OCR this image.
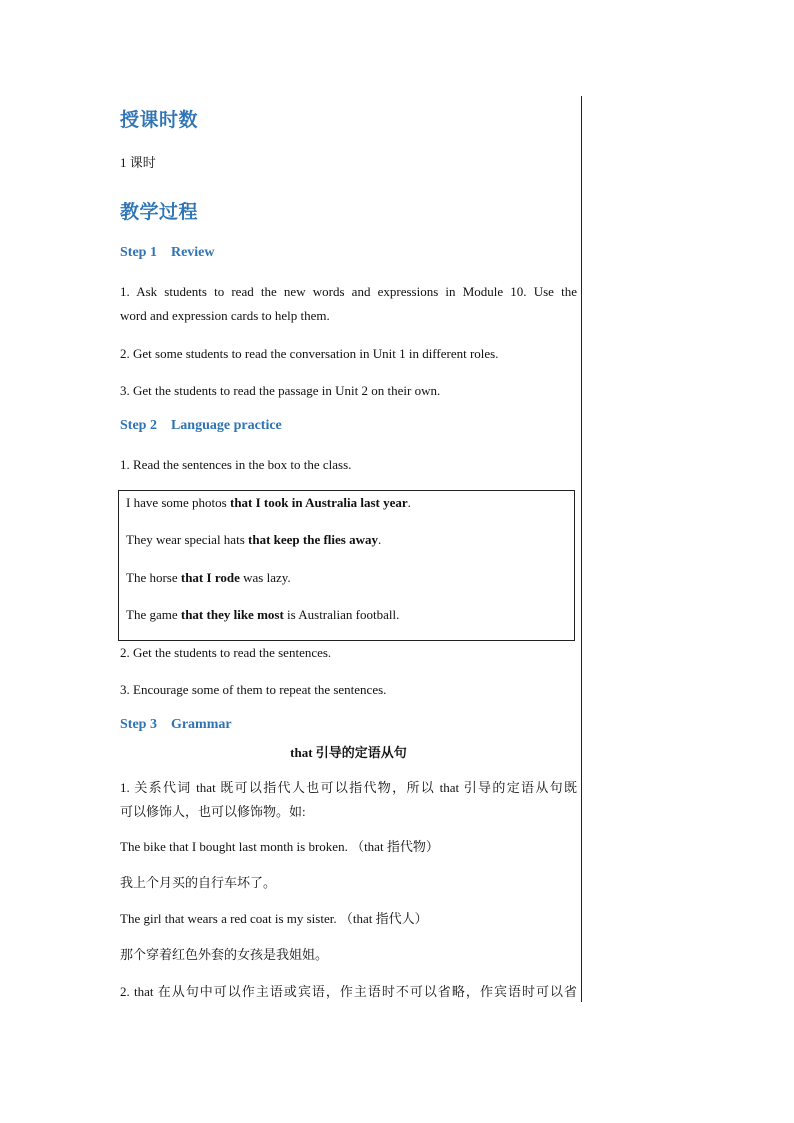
授课时数
1 课时
教学过程
Step 1 Review
1. Ask students to read the new words and expressions in Module 10. Use the
word and expression cards to help them.
2. Get some students to read the conversation in Unit 1 in different roles.
3. Get the students to read the passage in Unit 2 on their own.
Step 2 Language practice
1. Read the sentences in the box to the class.
I have some photos that I took in Australia last year.
They wear special hats that keep the flies away.
The horse that I rode was lazy.
The game that they like most is Australian football.
2. Get the students to read the sentences.
3. Encourage some of them to repeat the sentences.
Step 3 Grammar
that 引导的定语从句
1. 关系代词 that 既可以指代人也可以指代物，所以 that 引导的定语从句既
可以修饰人，也可以修饰物。如:
The bike that I bought last month is broken. （that 指代物）
我上个月买的自行车坏了。
The girl that wears a red coat is my sister. （that 指代人）
那个穿着红色外套的女孩是我姐姐。
2. that 在从句中可以作主语或宾语，作主语时不可以省略，作宾语时可以省
